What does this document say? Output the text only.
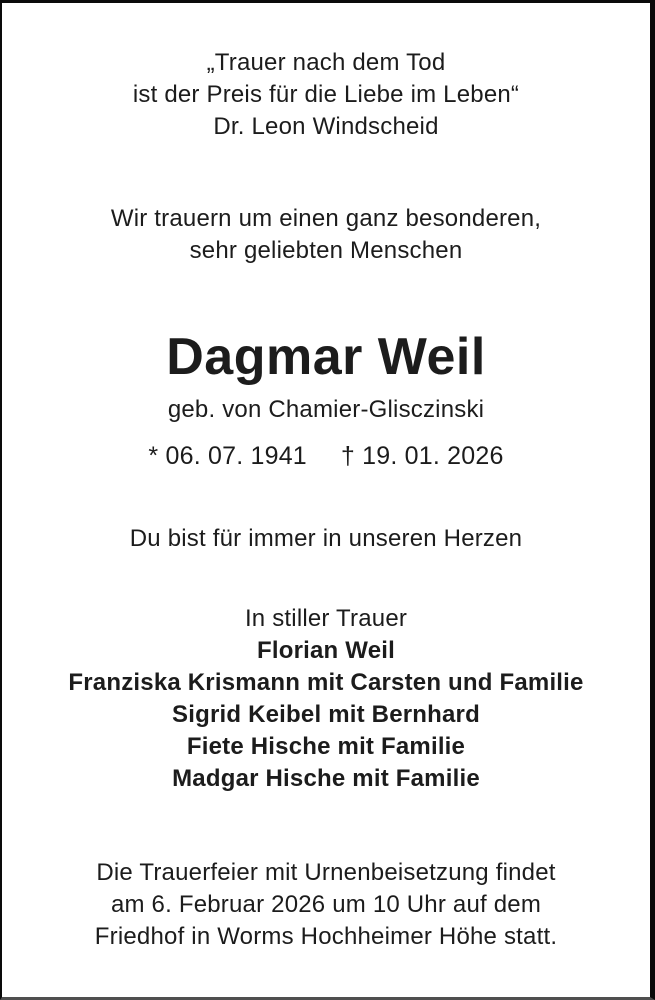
„Trauer nach dem Tod
ist der Preis für die Liebe im Leben“
Dr. Leon Windscheid
Wir trauern um einen ganz besonderen,
sehr geliebten Menschen
Dagmar Weil
geb. von Chamier-Glisczinski
* 06. 07. 1941 † 19. 01. 2026
Du bist für immer in unseren Herzen
In stiller Trauer
Florian Weil
Franziska Krismann mit Carsten und Familie
Sigrid Keibel mit Bernhard
Fiete Hische mit Familie
Madgar Hische mit Familie
Die Trauerfeier mit Urnenbeisetzung findet
am 6. Februar 2026 um 10 Uhr auf dem
Friedhof in Worms Hochheimer Höhe statt.
